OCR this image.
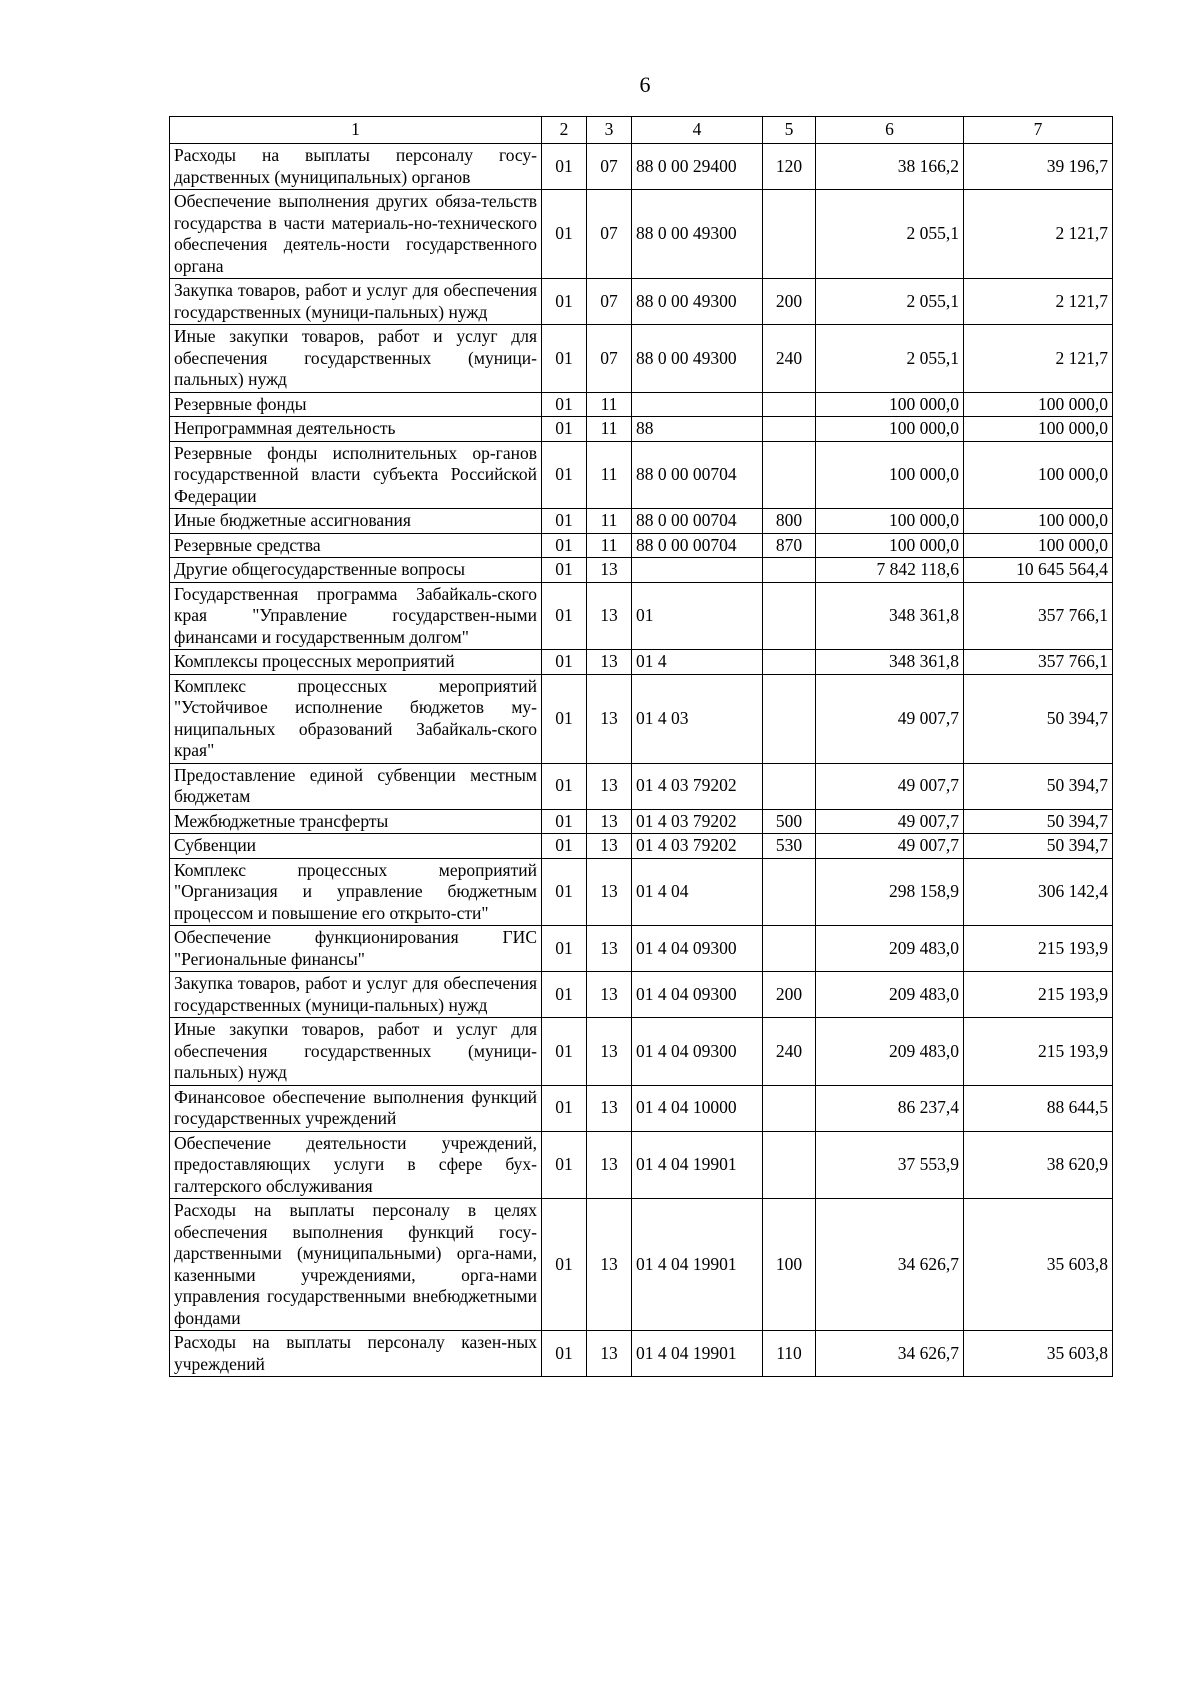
6
1	2	3	4	5	6	7
Расходы на выплаты персоналу госу-дарственных (муниципальных) органов	01	07	88 0 00 29400	120	38 166,2	39 196,7
Обеспечение выполнения других обяза-тельств государства в части материаль-но-технического обеспечения деятель-ности государственного органа	01	07	88 0 00 49300		2 055,1	2 121,7
Закупка товаров, работ и услуг для обеспечения государственных (муници-пальных) нужд	01	07	88 0 00 49300	200	2 055,1	2 121,7
Иные закупки товаров, работ и услуг для обеспечения государственных (муници-пальных) нужд	01	07	88 0 00 49300	240	2 055,1	2 121,7
Резервные фонды	01	11			100 000,0	100 000,0
Непрограммная деятельность	01	11	88		100 000,0	100 000,0
Резервные фонды исполнительных ор-ганов государственной власти субъекта Российской Федерации	01	11	88 0 00 00704		100 000,0	100 000,0
Иные бюджетные ассигнования	01	11	88 0 00 00704	800	100 000,0	100 000,0
Резервные средства	01	11	88 0 00 00704	870	100 000,0	100 000,0
Другие общегосударственные вопросы	01	13			7 842 118,6	10 645 564,4
Государственная программа Забайкаль-ского края "Управление государствен-ными финансами и государственным долгом"	01	13	01		348 361,8	357 766,1
Комплексы процессных мероприятий	01	13	01 4		348 361,8	357 766,1
Комплекс процессных мероприятий "Устойчивое исполнение бюджетов му-ниципальных образований Забайкаль-ского края"	01	13	01 4 03		49 007,7	50 394,7
Предоставление единой субвенции местным бюджетам	01	13	01 4 03 79202		49 007,7	50 394,7
Межбюджетные трансферты	01	13	01 4 03 79202	500	49 007,7	50 394,7
Субвенции	01	13	01 4 03 79202	530	49 007,7	50 394,7
Комплекс процессных мероприятий "Организация и управление бюджетным процессом и повышение его открыто-сти"	01	13	01 4 04		298 158,9	306 142,4
Обеспечение функционирования ГИС "Региональные финансы"	01	13	01 4 04 09300		209 483,0	215 193,9
Закупка товаров, работ и услуг для обеспечения государственных (муници-пальных) нужд	01	13	01 4 04 09300	200	209 483,0	215 193,9
Иные закупки товаров, работ и услуг для обеспечения государственных (муници-пальных) нужд	01	13	01 4 04 09300	240	209 483,0	215 193,9
Финансовое обеспечение выполнения функций государственных учреждений	01	13	01 4 04 10000		86 237,4	88 644,5
Обеспечение деятельности учреждений, предоставляющих услуги в сфере бух-галтерского обслуживания	01	13	01 4 04 19901		37 553,9	38 620,9
Расходы на выплаты персоналу в целях обеспечения выполнения функций госу-дарственными (муниципальными) орга-нами, казенными учреждениями, орга-нами управления государственными внебюджетными фондами	01	13	01 4 04 19901	100	34 626,7	35 603,8
Расходы на выплаты персоналу казен-ных учреждений	01	13	01 4 04 19901	110	34 626,7	35 603,8
